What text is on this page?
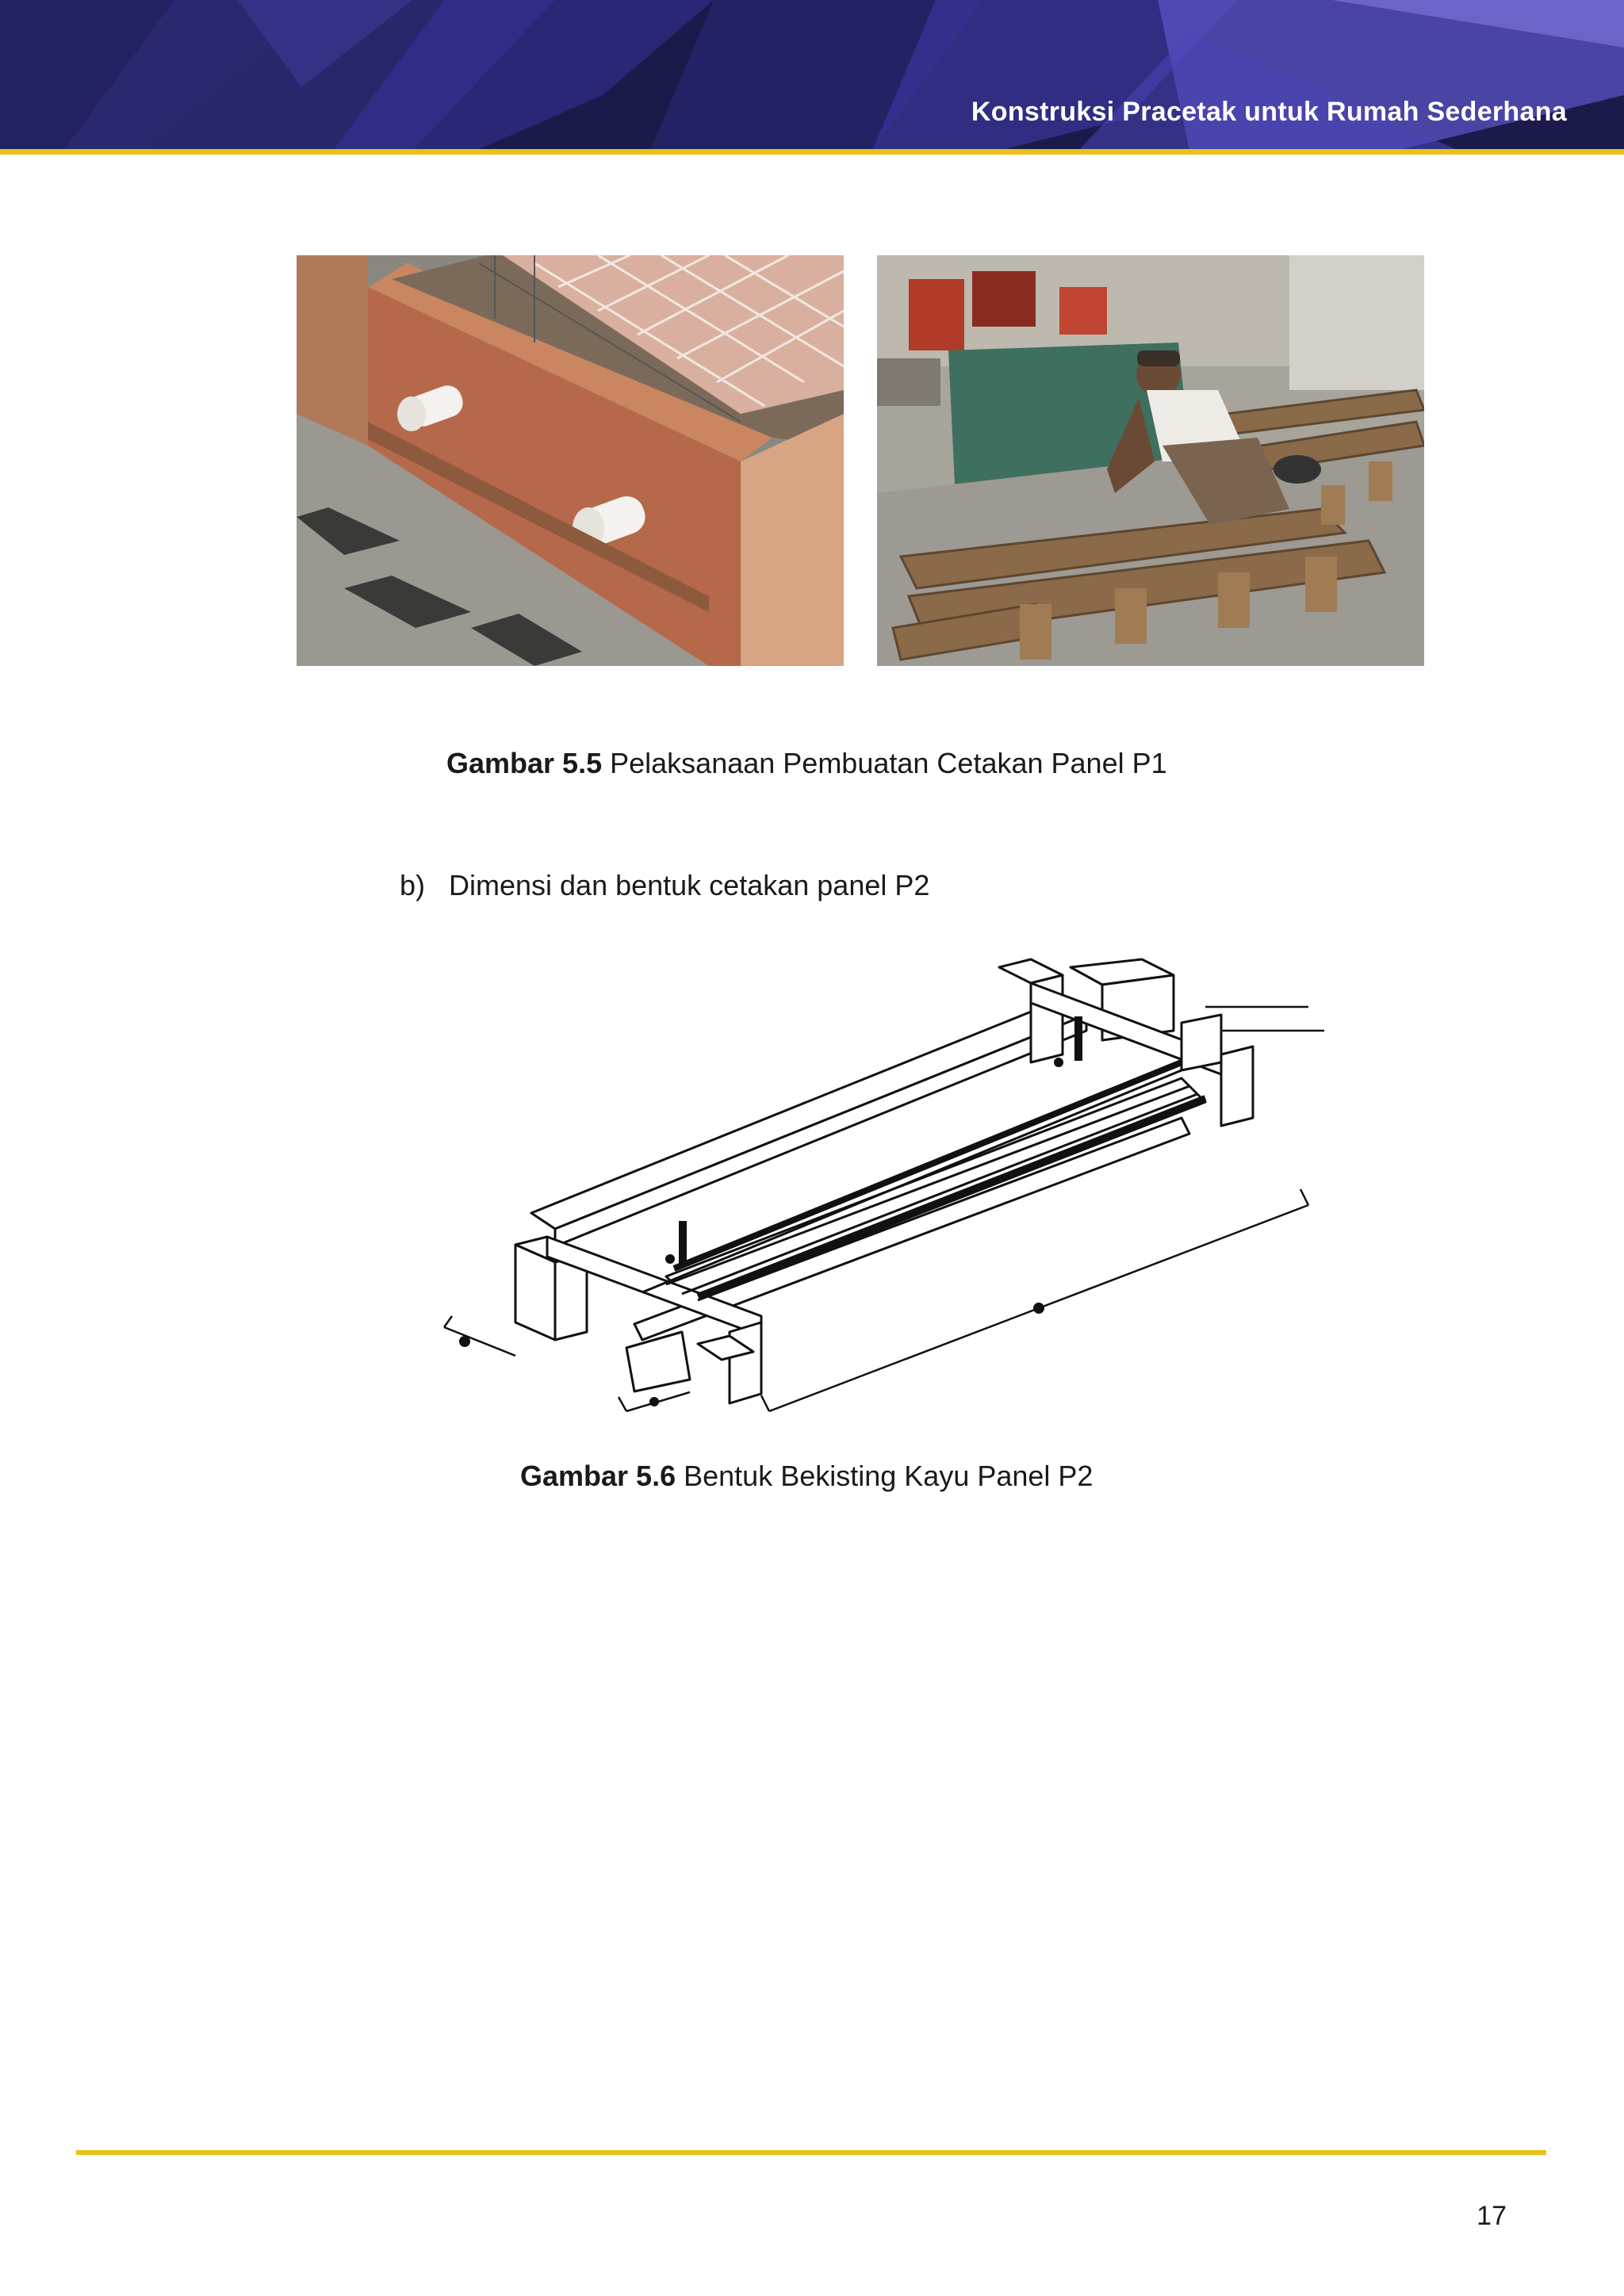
Konstruksi Pracetak untuk Rumah Sederhana
Gambar 5.5 Pelaksanaan Pembuatan Cetakan Panel P1
b) Dimensi dan bentuk cetakan panel P2
Gambar 5.6 Bentuk Bekisting Kayu Panel P2
17
